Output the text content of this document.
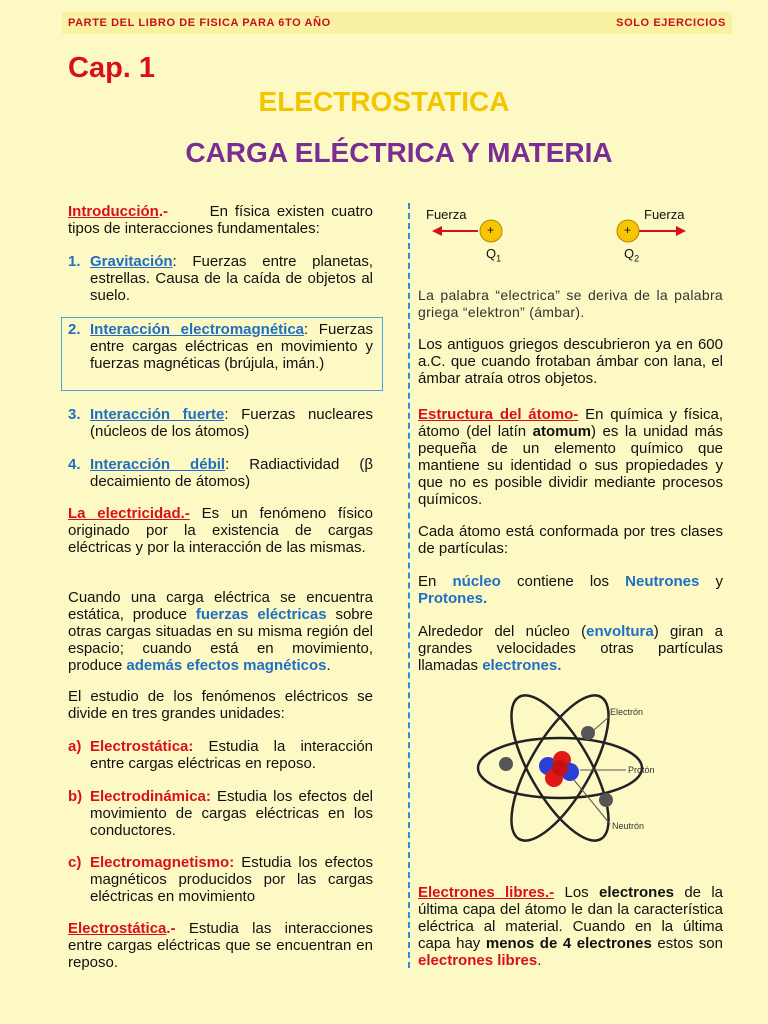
PARTE DEL LIBRO DE FISICA PARA 6TO AÑO	SOLO EJERCICIOS
Cap. 1
ELECTROSTATICA
CARGA ELÉCTRICA Y MATERIA
Introducción.-	En física existen cuatro tipos de interacciones fundamentales:
1. Gravitación: Fuerzas entre planetas, estrellas. Causa de la caída de objetos al suelo.
2. Interacción electromagnética: Fuerzas entre cargas eléctricas en movimiento y fuerzas magnéticas (brújula, imán.)
3. Interacción fuerte: Fuerzas nucleares (núcleos de los átomos)
4. Interacción débil: Radiactividad (β decaimiento de átomos)
La electricidad.- Es un fenómeno físico originado por la existencia de cargas eléctricas y por la interacción de las mismas.
Cuando una carga eléctrica se encuentra estática, produce fuerzas eléctricas sobre otras cargas situadas en su misma región del espacio; cuando está en movimiento, produce además efectos magnéticos.
El estudio de los fenómenos eléctricos se divide en tres grandes unidades:
a) Electrostática: Estudia la interacción entre cargas eléctricas en reposo.
b) Electrodinámica: Estudia los efectos del movimiento de cargas eléctricas en los conductores.
c) Electromagnetismo: Estudia los efectos magnéticos producidos por las cargas eléctricas en movimiento
Electrostática.- Estudia las interacciones entre cargas eléctricas que se encuentran en reposo.
Fuerza	Fuerza
+	+
$Q_1$	$Q_2$
La palabra “electrica” se deriva de la palabra griega “elektron” (ámbar).
Los antiguos griegos descubrieron ya en 600 a.C. que cuando frotaban ámbar con lana, el ámbar atraía otros objetos.
Estructura del átomo- En química y física, átomo (del latín atomum) es la unidad más pequeña de un elemento químico que mantiene su identidad o sus propiedades y que no es posible dividir mediante procesos químicos.
Cada átomo está conformada por tres clases de partículas:
En núcleo contiene los Neutrones y Protones.
Alrededor del núcleo (envoltura) giran a grandes velocidades otras partículas llamadas electrones.
Electrón
Protón
Neutrón
Electrones libres.- Los electrones de la última capa del átomo le dan la característica eléctrica al material. Cuando en la última capa hay menos de 4 electrones estos son electrones libres.
